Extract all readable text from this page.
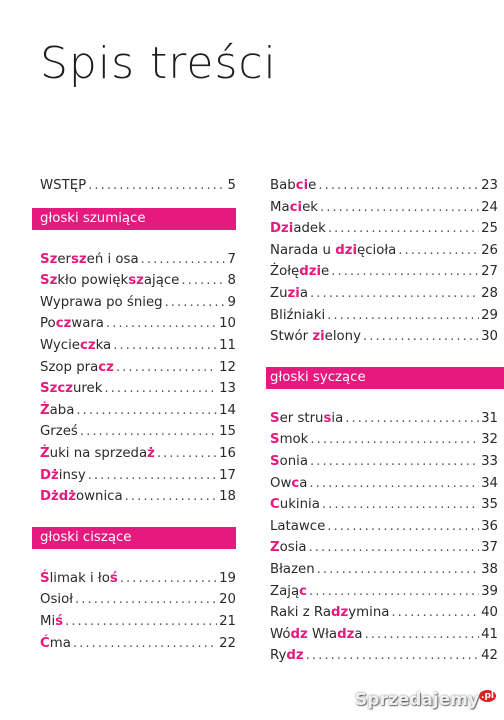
Spis treści
WSTĘP .....	5
głoski szumiące
Szerszeń i osa .....	7
Szkło powiększające .....	8
Wyprawa po śnieg .....	9
Poczwara .....	10
Wycieczka .....	11
Szop pracz .....	12
Szczurek .....	13
Żaba .....	14
Grześ .....	15
Żuki na sprzedaż .....	16
Dżinsy .....	17
Dżdżownica .....	18
głoski ciszące
Ślimak i łoś .....	19
Osioł .....	20
Miś .....	21
Ćma .....	22
Babcie .....	23
Maciek .....	24
Dziadek .....	25
Narada u dzięcioła .....	26
Żołędzie .....	27
Zuzia .....	28
Bliźniaki .....	29
Stwór zielony .....	30
głoski syczące
Ser strusia .....	31
Smok .....	32
Sonia .....	33
Owca .....	34
Cukinia .....	35
Latawce .....	36
Zosia .....	37
Błazen .....	38
Zając .....	39
Raki z Radzymina .....	40
Wódz Władza .....	41
Rydz .....	42
Sprzedajemy $^{.pl}$
